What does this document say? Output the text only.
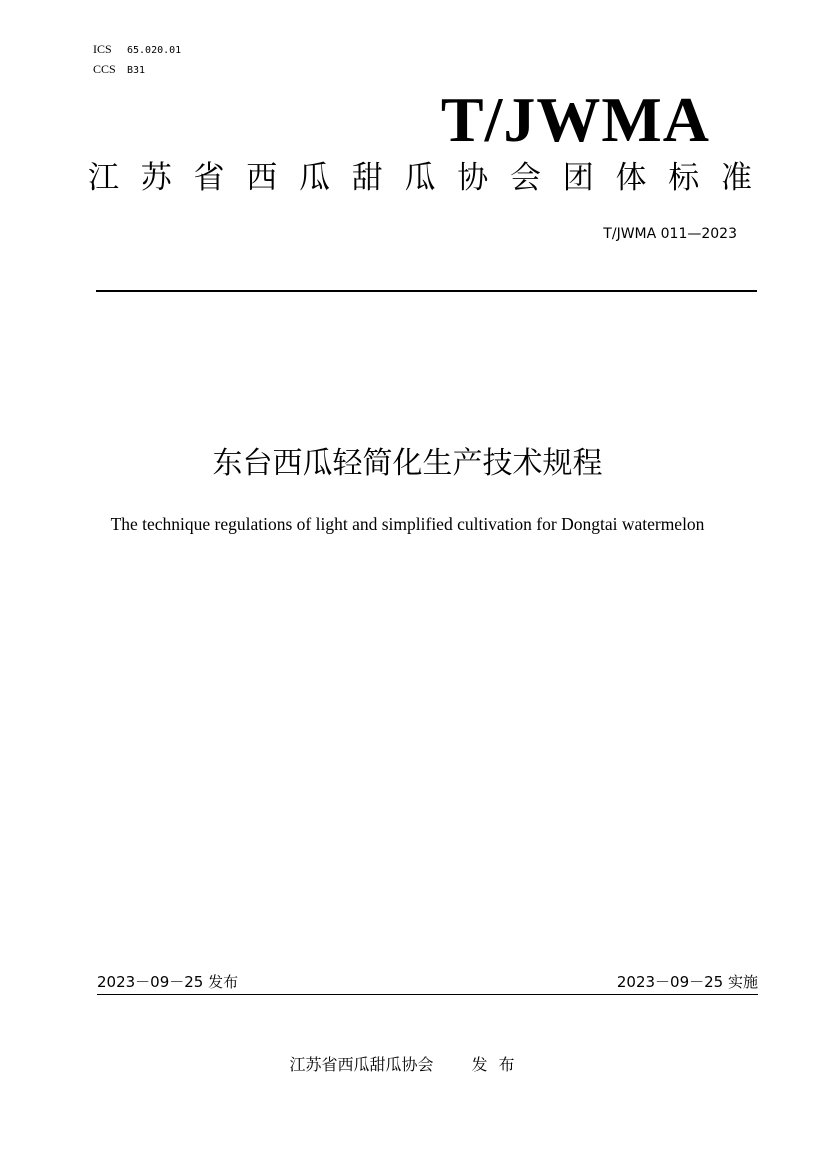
ICS	65.020.01
CCS	B31
T/JWMA
江 苏 省 西 瓜 甜 瓜 协 会 团 体 标 准
T/JWMA 011—2023
东台西瓜轻简化生产技术规程
The technique regulations of light and simplified cultivation for Dongtai watermelon
2023－09－25 发布	2023－09－25 实施
江苏省西瓜甜瓜协会 发布
